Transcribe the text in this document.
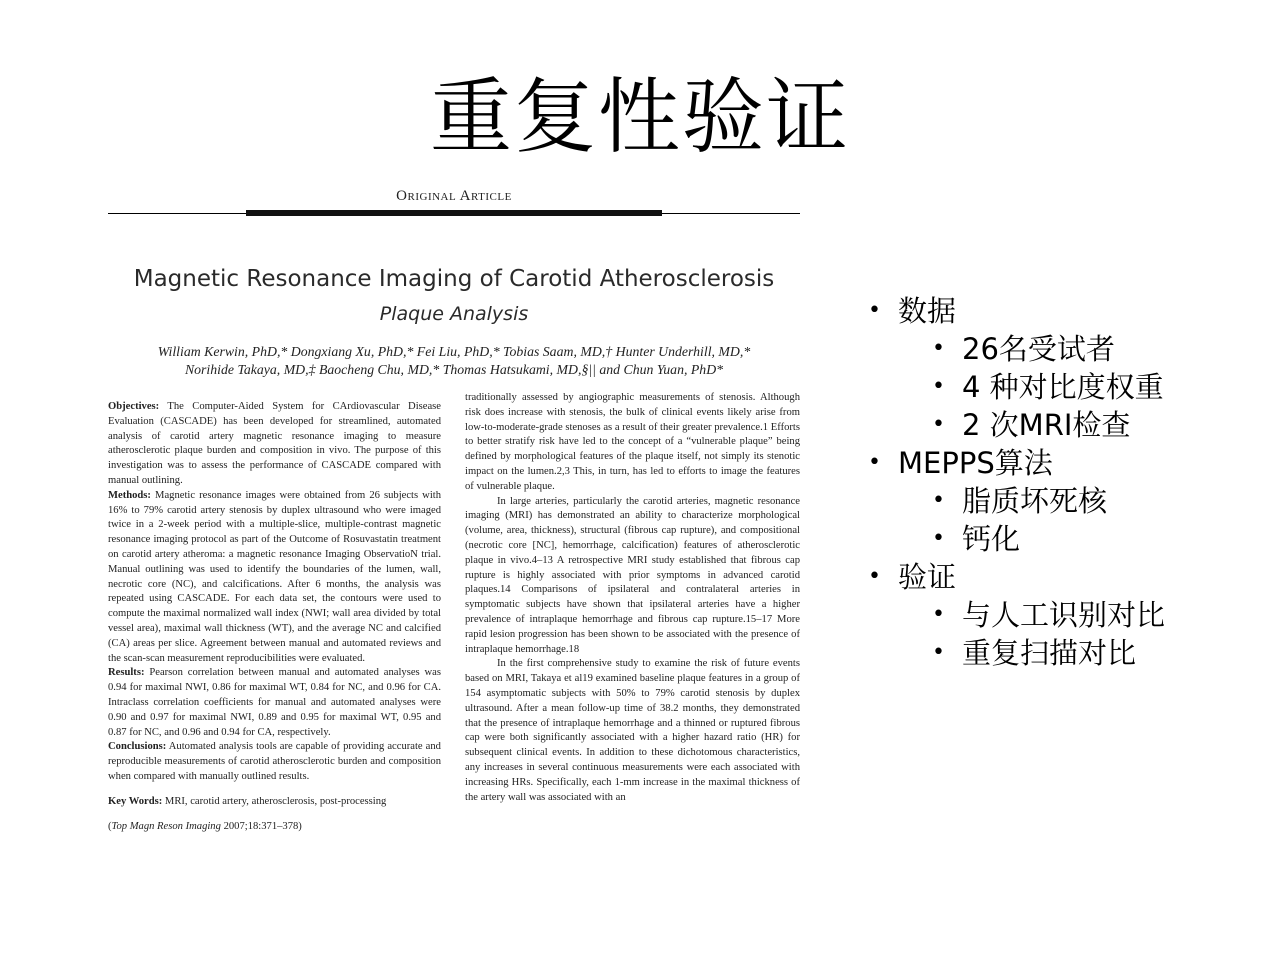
重复性验证
Original Article
Magnetic Resonance Imaging of Carotid Atherosclerosis
Plaque Analysis
William Kerwin, PhD,* Dongxiang Xu, PhD,* Fei Liu, PhD,* Tobias Saam, MD,† Hunter Underhill, MD,*
Norihide Takaya, MD,‡ Baocheng Chu, MD,* Thomas Hatsukami, MD,§|| and Chun Yuan, PhD*

Objectives: The Computer-Aided System for CArdiovascular Disease Evaluation (CASCADE) has been developed for streamlined, automated analysis of carotid artery magnetic resonance imaging to measure atherosclerotic plaque burden and composition in vivo. The purpose of this investigation was to assess the performance of CASCADE compared with manual outlining.

Methods: Magnetic resonance images were obtained from 26 subjects with 16% to 79% carotid artery stenosis by duplex ultrasound who were imaged twice in a 2-week period with a multiple-slice, multiple-contrast magnetic resonance imaging protocol as part of the Outcome of Rosuvastatin treatment on carotid artery atheroma: a magnetic resonance Imaging ObservatioN trial. Manual outlining was used to identify the boundaries of the lumen, wall, necrotic core (NC), and calcifications. After 6 months, the analysis was repeated using CASCADE. For each data set, the contours were used to compute the maximal normalized wall index (NWI; wall area divided by total vessel area), maximal wall thickness (WT), and the average NC and calcified (CA) areas per slice. Agreement between manual and automated reviews and the scan-scan measurement reproducibilities were evaluated.

Results: Pearson correlation between manual and automated analyses was 0.94 for maximal NWI, 0.86 for maximal WT, 0.84 for NC, and 0.96 for CA. Intraclass correlation coefficients for manual and automated analyses were 0.90 and 0.97 for maximal NWI, 0.89 and 0.95 for maximal WT, 0.95 and 0.87 for NC, and 0.96 and 0.94 for CA, respectively.

Conclusions: Automated analysis tools are capable of providing accurate and reproducible measurements of carotid atherosclerotic burden and composition when compared with manually outlined results.

Key Words: MRI, carotid artery, atherosclerosis, post-processing

(Top Magn Reson Imaging 2007;18:371–378)

traditionally assessed by angiographic measurements of stenosis. Although risk does increase with stenosis, the bulk of clinical events likely arise from low-to-moderate-grade stenoses as a result of their greater prevalence.1 Efforts to better stratify risk have led to the concept of a “vulnerable plaque” being defined by morphological features of the plaque itself, not simply its stenotic impact on the lumen.2,3 This, in turn, has led to efforts to image the features of vulnerable plaque.

In large arteries, particularly the carotid arteries, magnetic resonance imaging (MRI) has demonstrated an ability to characterize morphological (volume, area, thickness), structural (fibrous cap rupture), and compositional (necrotic core [NC], hemorrhage, calcification) features of atherosclerotic plaque in vivo.4–13 A retrospective MRI study established that fibrous cap rupture is highly associated with prior symptoms in advanced carotid plaques.14 Comparisons of ipsilateral and contralateral arteries in symptomatic subjects have shown that ipsilateral arteries have a higher prevalence of intraplaque hemorrhage and fibrous cap rupture.15–17 More rapid lesion progression has been shown to be associated with the presence of intraplaque hemorrhage.18

In the first comprehensive study to examine the risk of future events based on MRI, Takaya et al19 examined baseline plaque features in a group of 154 asymptomatic subjects with 50% to 79% carotid stenosis by duplex ultrasound. After a mean follow-up time of 38.2 months, they demonstrated that the presence of intraplaque hemorrhage and a thinned or ruptured fibrous cap were both significantly associated with a higher hazard ratio (HR) for subsequent clinical events. In addition to these dichotomous characteristics, any increases in several continuous measurements were each associated with increasing HRs. Specifically, each 1-mm increase in the maximal thickness of the artery wall was associated with an

• 数据
• 26名受试者
• 4 种对比度权重
• 2 次MRI检查
• MEPPS算法
• 脂质坏死核
• 钙化
• 验证
• 与人工识别对比
• 重复扫描对比
